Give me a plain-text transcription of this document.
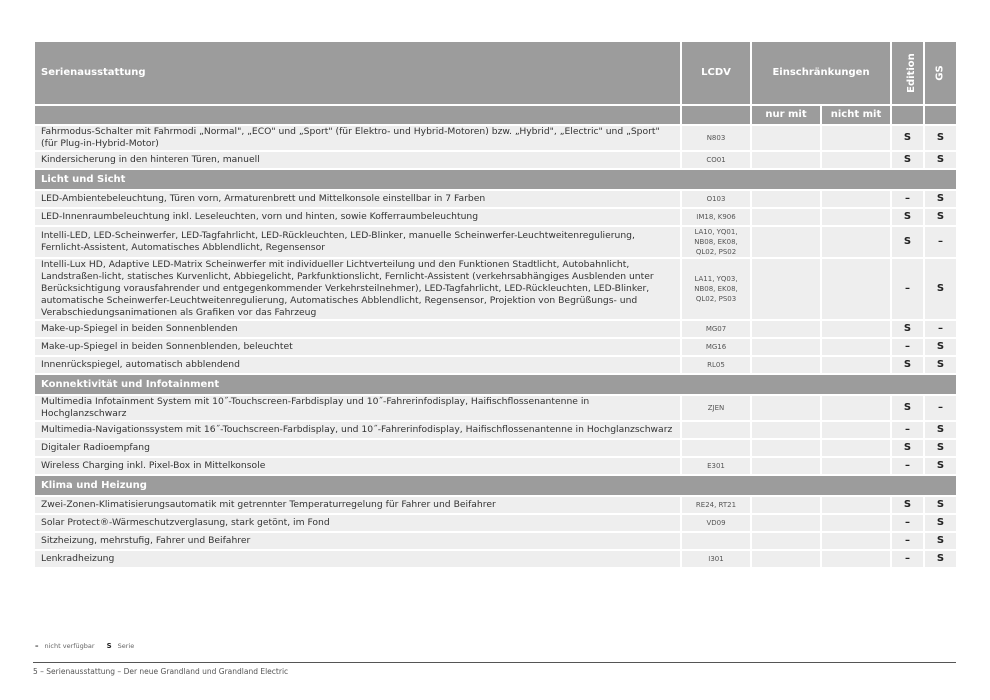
Serienausstattung	LCDV	Einschränkungen		Edition	GS
		nur mit	nicht mit		
Fahrmodus-Schalter mit Fahrmodi „Normal", „ECO" und „Sport" (für Elektro- und Hybrid-Motoren) bzw. „Hybrid", „Electric" und „Sport" (für Plug-in-Hybrid-Motor)	N803			S	S
Kindersicherung in den hinteren Türen, manuell	CO01			S	S
Licht und Sicht					
LED-Ambientebeleuchtung, Türen vorn, Armaturenbrett und Mittelkonsole einstellbar in 7 Farben	O103			–	S
LED-Innenraumbeleuchtung inkl. Leseleuchten, vorn und hinten, sowie Kofferraumbeleuchtung	IM18, K906			S	S
Intelli-LED, LED-Scheinwerfer, LED-Tagfahrlicht, LED-Rückleuchten, LED-Blinker, manuelle Scheinwerfer-Leuchtweitenregulierung, Fernlicht-Assistent, Automatisches Abblendlicht, Regensensor	LA10, YQ01, NB08, EK08, QL02, PS02			S	–
Intelli-Lux HD, Adaptive LED-Matrix Scheinwerfer mit individueller Lichtverteilung und den Funktionen Stadtlicht, Autobahnlicht, Landstraßen-licht, statisches Kurvenlicht, Abbiegelicht, Parkfunktionslicht, Fernlicht-Assistent (verkehrsabhängiges Ausblenden unter Berücksichtigung vorausfahrender und entgegenkommender Verkehrsteilnehmer), LED-Tagfahrlicht, LED-Rückleuchten, LED-Blinker, automatische Scheinwerfer-Leuchtweitenregulierung, Automatisches Abblendlicht, Regensensor, Projektion von Begrüßungs- und Verabschiedungsanimationen als Grafiken vor das Fahrzeug	LA11, YQ03, NB08, EK08, QL02, PS03			–	S
Make-up-Spiegel in beiden Sonnenblenden	MG07			S	–
Make-up-Spiegel in beiden Sonnenblenden, beleuchtet	MG16			–	S
Innenrückspiegel, automatisch abblendend	RL05			S	S
Konnektivität und Infotainment					
Multimedia Infotainment System mit 10˝-Touchscreen-Farbdisplay und 10˝-Fahrerinfodisplay, Haifischflossenantenne in Hochglanzschwarz	ZJEN			S	–
Multimedia-Navigationssystem mit 16˝-Touchscreen-Farbdisplay, und 10˝-Fahrerinfodisplay, Haifischflossenantenne in Hochglanzschwarz				–	S
Digitaler Radioempfang				S	S
Wireless Charging inkl. Pixel-Box in Mittelkonsole	E301			–	S
Klima und Heizung					
Zwei-Zonen-Klimatisierungsautomatik mit getrennter Temperaturregelung für Fahrer und Beifahrer	RE24, RT21			S	S
Solar Protect®-Wärmeschutzverglasung, stark getönt, im Fond	VD09			–	S
Sitzheizung, mehrstufig, Fahrer und Beifahrer				–	S
Lenkradheizung	I301			–	S
– nicht verfügbar S Serie
5 – Serienausstattung – Der neue Grandland und Grandland Electric
